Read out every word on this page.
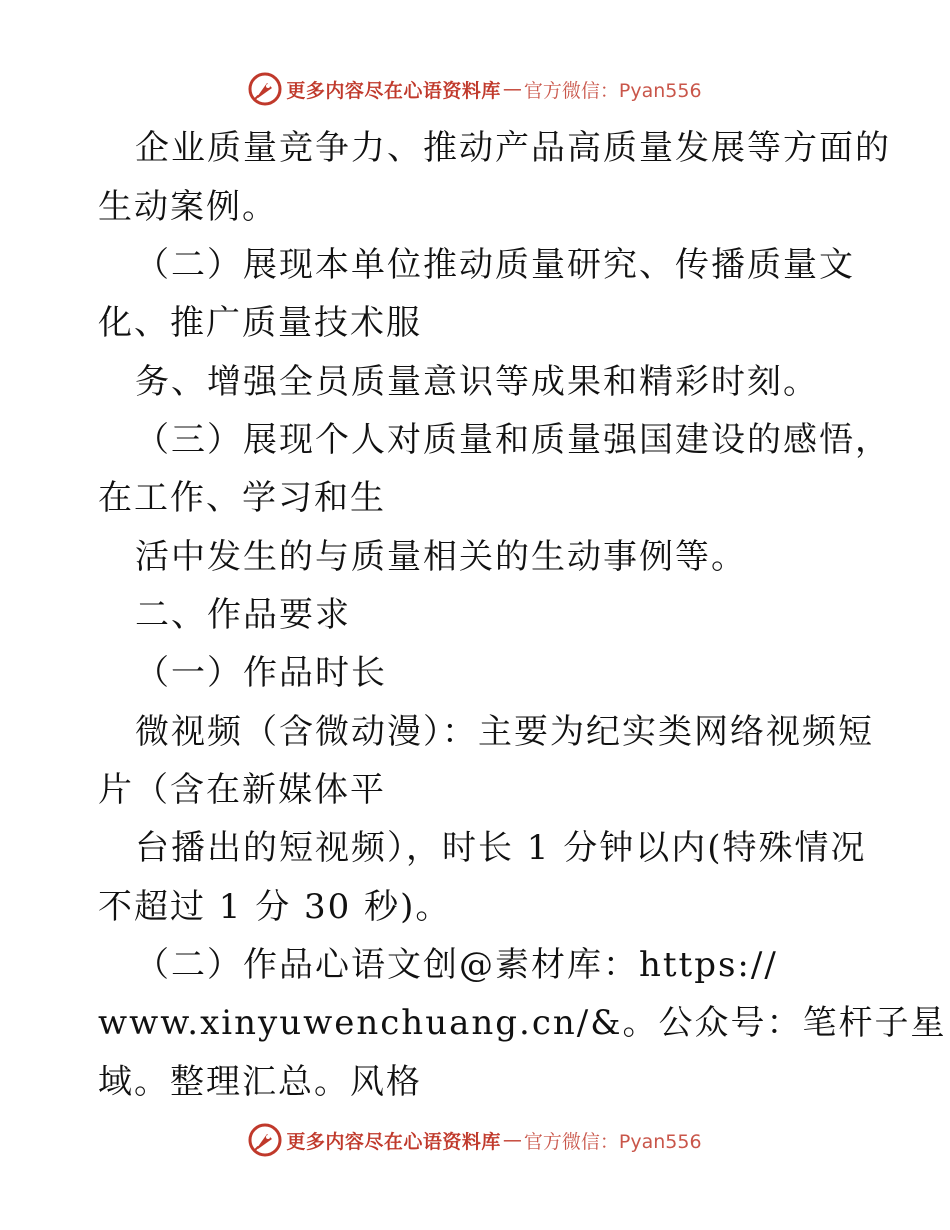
更多内容尽在心语资料库 — 官方微信：Pyan556
企业质量竞争力、推动产品高质量发展等方面的
生动案例。
（二）展现本单位推动质量研究、传播质量文
化、推广质量技术服
务、增强全员质量意识等成果和精彩时刻。
（三）展现个人对质量和质量强国建设的感悟，
在工作、学习和生
活中发生的与质量相关的生动事例等。
二、作品要求
（一）作品时长
微视频（含微动漫）：主要为纪实类网络视频短
片（含在新媒体平
台播出的短视频），时长 1 分钟以内(特殊情况
不超过 1 分 30 秒)。
（二）作品心语文创@素材库：https://
www.xinyuwenchuang.cn/&。公众号：笔杆子星
域。整理汇总。风格
更多内容尽在心语资料库 — 官方微信：Pyan556
